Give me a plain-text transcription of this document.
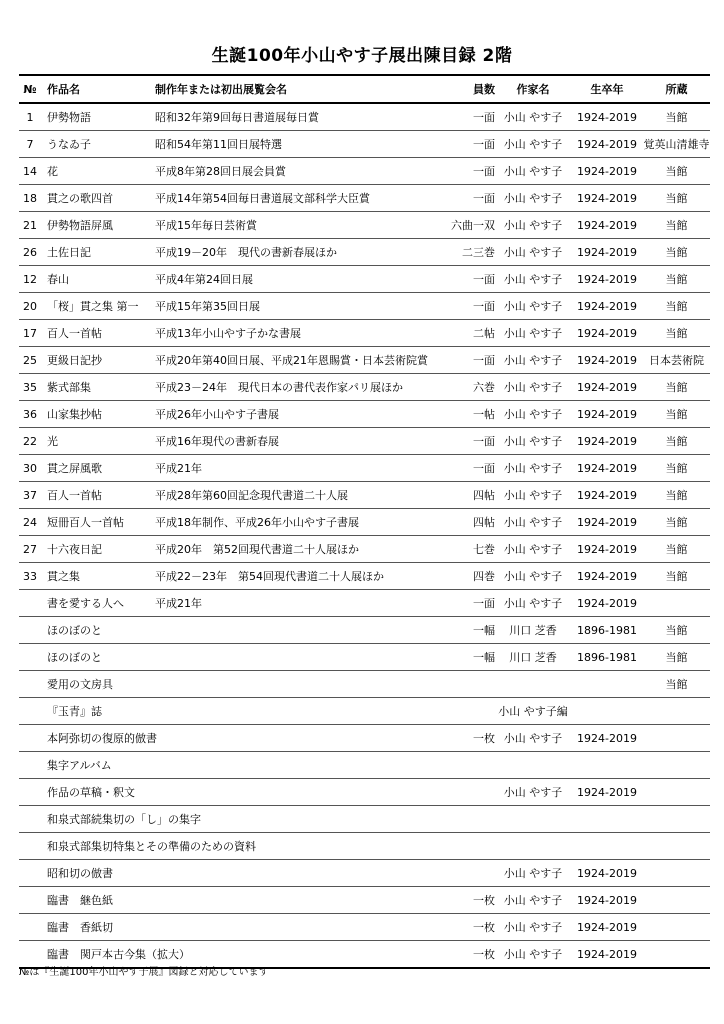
生誕100年小山やす子展出陳目録 2階
№	作品名	制作年または初出展覧会名	員数	作家名	生卒年	所蔵
1	伊勢物語	昭和32年第9回毎日書道展毎日賞	一面	小山 やす子	1924-2019	当館
7	うなゐ子	昭和54年第11回日展特選	一面	小山 やす子	1924-2019	覚英山清雄寺
14	花	平成8年第28回日展会員賞	一面	小山 やす子	1924-2019	当館
18	貫之の歌四首	平成14年第54回毎日書道展文部科学大臣賞	一面	小山 やす子	1924-2019	当館
21	伊勢物語屏風	平成15年毎日芸術賞	六曲一双	小山 やす子	1924-2019	当館
26	土佐日記	平成19－20年　現代の書新春展ほか	二三巻	小山 やす子	1924-2019	当館
12	春山	平成4年第24回日展	一面	小山 やす子	1924-2019	当館
20	「桜」貫之集 第一	平成15年第35回日展	一面	小山 やす子	1924-2019	当館
17	百人一首帖	平成13年小山やす子かな書展	二帖	小山 やす子	1924-2019	当館
25	更級日記抄	平成20年第40回日展、平成21年恩賜賞・日本芸術院賞	一面	小山 やす子	1924-2019	日本芸術院
35	紫式部集	平成23－24年　現代日本の書代表作家パリ展ほか	六巻	小山 やす子	1924-2019	当館
36	山家集抄帖	平成26年小山やす子書展	一帖	小山 やす子	1924-2019	当館
22	光	平成16年現代の書新春展	一面	小山 やす子	1924-2019	当館
30	貫之屏風歌	平成21年	一面	小山 やす子	1924-2019	当館
37	百人一首帖	平成28年第60回記念現代書道二十人展	四帖	小山 やす子	1924-2019	当館
24	短冊百人一首帖	平成18年制作、平成26年小山やす子書展	四帖	小山 やす子	1924-2019	当館
27	十六夜日記	平成20年　第52回現代書道二十人展ほか	七巻	小山 やす子	1924-2019	当館
33	貫之集	平成22－23年　第54回現代書道二十人展ほか	四巻	小山 やす子	1924-2019	当館
	書を愛する人へ	平成21年	一面	小山 やす子	1924-2019	
	ほのぼのと		一幅	川口 芝香	1896-1981	当館
	ほのぼのと		一幅	川口 芝香	1896-1981	当館
	愛用の文房具					当館
	『玉青』誌			小山 やす子編		
	本阿弥切の復原的倣書		一枚	小山 やす子	1924-2019	
	集字アルバム					
	作品の草稿・釈文			小山 やす子	1924-2019	
	和泉式部続集切の「し」の集字					
	和泉式部集切特集とその準備のための資料					
	昭和切の倣書			小山 やす子	1924-2019	
	臨書　継色紙		一枚	小山 やす子	1924-2019	
	臨書　香紙切		一枚	小山 やす子	1924-2019	
	臨書　関戸本古今集（拡大）		一枚	小山 やす子	1924-2019	
№は『生誕100年小山やす子展』図録と対応しています
